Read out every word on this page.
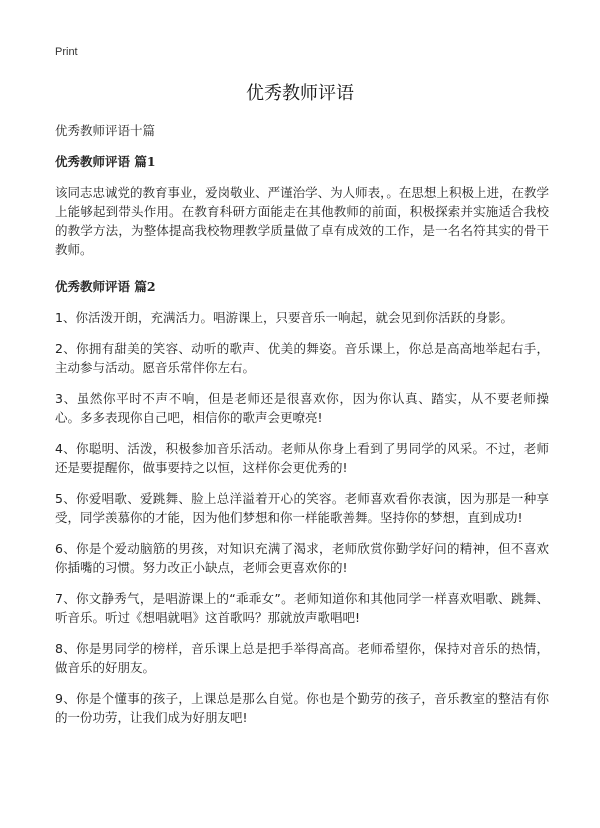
Print
优秀教师评语

优秀教师评语十篇

优秀教师评语 篇1

该同志忠诚党的教育事业，爱岗敬业、严谨治学、为人师表，。在思想上积极上进，在教学上能够起到带头作用。在教育科研方面能走在其他教师的前面，积极探索并实施适合我校的教学方法，为整体提高我校物理教学质量做了卓有成效的工作，是一名名符其实的骨干教师。

优秀教师评语 篇2

1、你活泼开朗，充满活力。唱游课上，只要音乐一响起，就会见到你活跃的身影。

2、你拥有甜美的笑容、动听的歌声、优美的舞姿。音乐课上，你总是高高地举起右手，主动参与活动。愿音乐常伴你左右。

3、虽然你平时不声不响，但是老师还是很喜欢你，因为你认真、踏实，从不要老师操心。多多表现你自己吧，相信你的歌声会更嘹亮!

4、你聪明、活泼，积极参加音乐活动。老师从你身上看到了男同学的风采。不过，老师还是要提醒你，做事要持之以恒，这样你会更优秀的!

5、你爱唱歌、爱跳舞、脸上总洋溢着开心的笑容。老师喜欢看你表演，因为那是一种享受，同学羡慕你的才能，因为他们梦想和你一样能歌善舞。坚持你的梦想，直到成功!

6、你是个爱动脑筋的男孩，对知识充满了渴求，老师欣赏你勤学好问的精神，但不喜欢你插嘴的习惯。努力改正小缺点，老师会更喜欢你的!

7、你文静秀气，是唱游课上的“乖乖女”。老师知道你和其他同学一样喜欢唱歌、跳舞、听音乐。听过《想唱就唱》这首歌吗？那就放声歌唱吧!

8、你是男同学的榜样，音乐课上总是把手举得高高。老师希望你，保持对音乐的热情，做音乐的好朋友。

9、你是个懂事的孩子，上课总是那么自觉。你也是个勤劳的孩子，音乐教室的整洁有你的一份功劳，让我们成为好朋友吧!
